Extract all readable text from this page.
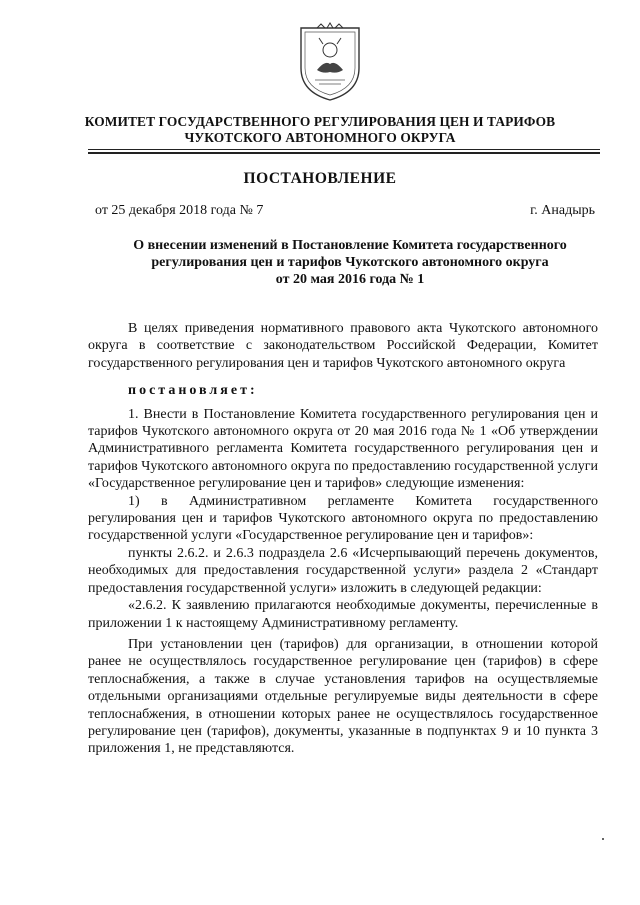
КОМИТЕТ ГОСУДАРСТВЕННОГО РЕГУЛИРОВАНИЯ ЦЕН И ТАРИФОВ
ЧУКОТСКОГО АВТОНОМНОГО ОКРУГА
ПОСТАНОВЛЕНИЕ
от 25 декабря 2018 года № 7	г. Анадырь
О внесении изменений в Постановление Комитета государственного
регулирования цен и тарифов Чукотского автономного округа
от 20 мая 2016 года № 1

В целях приведения нормативного правового акта Чукотского автономного округа в соответствие с законодательством Российской Федерации, Комитет государственного регулирования цен и тарифов Чукотского автономного округа

постановляет:

1. Внести в Постановление Комитета государственного регулирования цен и тарифов Чукотского автономного округа от 20 мая 2016 года № 1 «Об утверждении Административного регламента Комитета государственного регулирования цен и тарифов Чукотского автономного округа по предоставлению государственной услуги «Государственное регулирование цен и тарифов» следующие изменения:

1) в Административном регламенте Комитета государственного регулирования цен и тарифов Чукотского автономного округа по предоставлению государственной услуги «Государственное регулирование цен и тарифов»:

пункты 2.6.2. и 2.6.3 подраздела 2.6 «Исчерпывающий перечень документов, необходимых для предоставления государственной услуги» раздела 2 «Стандарт предоставления государственной услуги» изложить в следующей редакции:

«2.6.2. К заявлению прилагаются необходимые документы, перечисленные в приложении 1 к настоящему Административному регламенту.

При установлении цен (тарифов) для организации, в отношении которой ранее не осуществлялось государственное регулирование цен (тарифов) в сфере теплоснабжения, а также в случае установления тарифов на осуществляемые отдельными организациями отдельные регулируемые виды деятельности в сфере теплоснабжения, в отношении которых ранее не осуществлялось государственное регулирование цен (тарифов), документы, указанные в подпунктах 9 и 10 пункта 3 приложения 1, не представляются.
